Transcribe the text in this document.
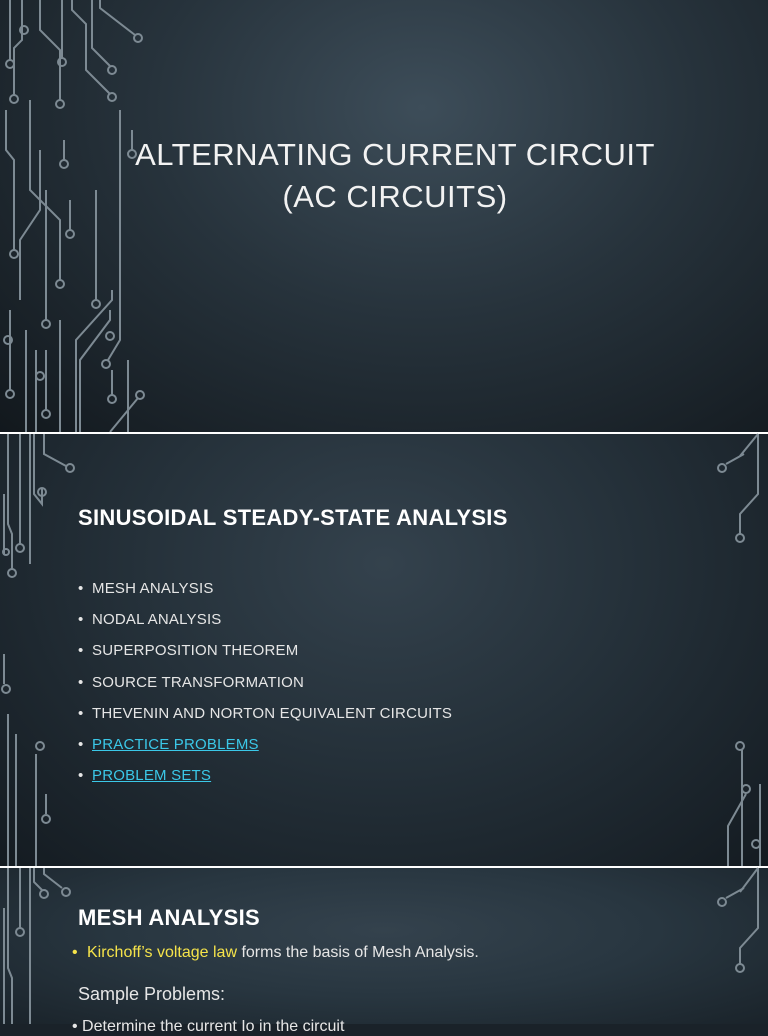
ALTERNATING CURRENT CIRCUIT
(AC CIRCUITS)
SINUSOIDAL STEADY-STATE ANALYSIS
• MESH ANALYSIS
• NODAL ANALYSIS
• SUPERPOSITION THEOREM
• SOURCE TRANSFORMATION
• THEVENIN AND NORTON EQUIVALENT CIRCUITS
• PRACTICE PROBLEMS
• PROBLEM SETS
MESH ANALYSIS
• Kirchoff’s voltage law forms the basis of Mesh Analysis.
Sample Problems:
• Determine the current Io in the circuit
